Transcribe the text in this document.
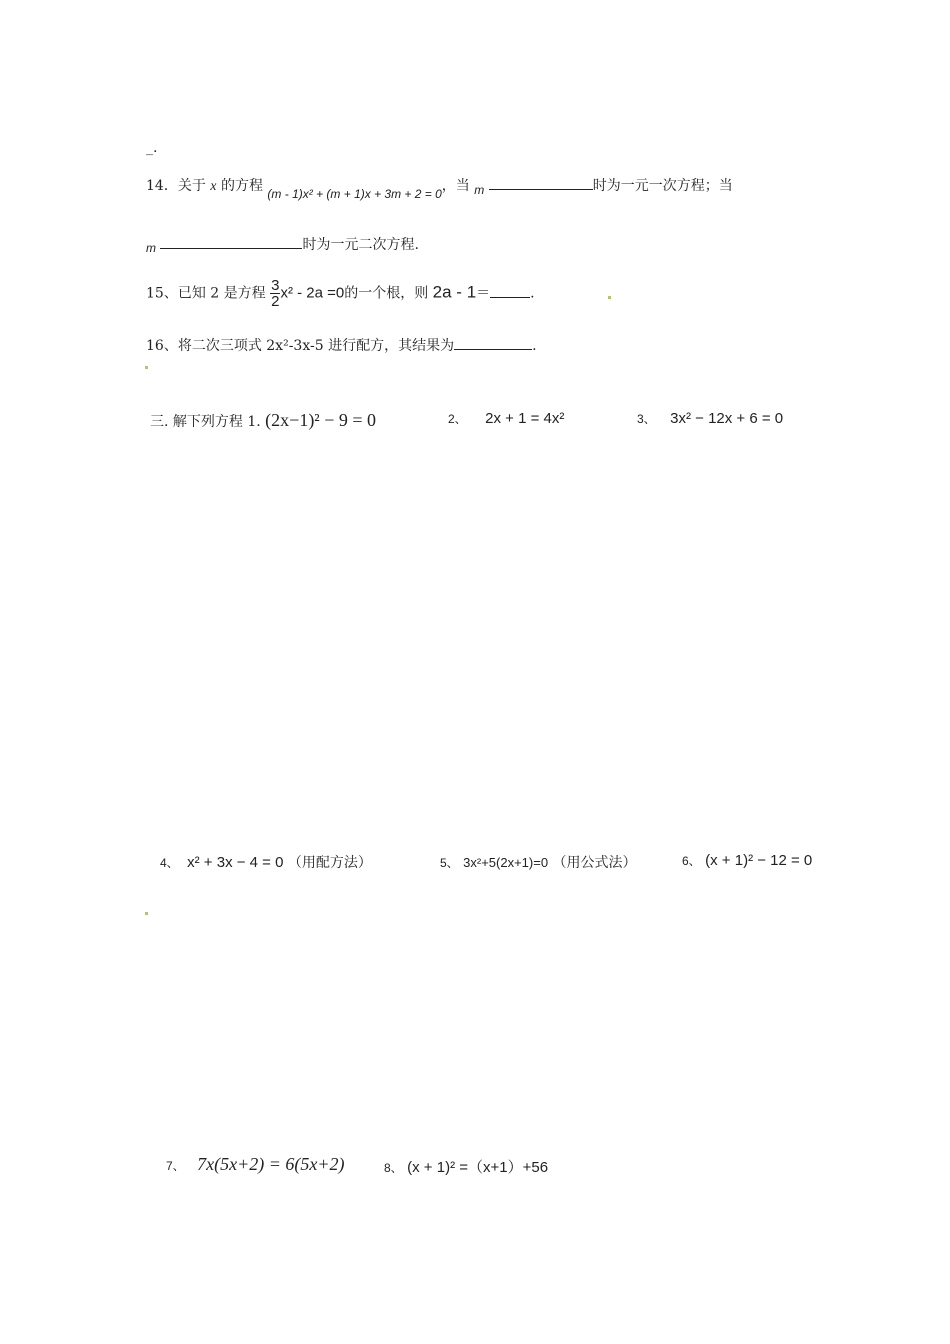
_.
14．关于 x 的方程 (m - 1)x² + (m + 1)x + 3m + 2 = 0，当 m	时为一元一次方程；当
m	时为一元二次方程.
15、已知 2 是方程 $\frac{3}{2} x^2 - 2a =0$的一个根，则 2a - 1＝	.
16、将二次三项式 2x²-3x-5 进行配方，其结果为	.
三. 解下列方程 1. (2x−1)² − 9 = 0	2、 2x + 1 = 4x²	3、 3x² − 12x + 6 = 0
4、 x² + 3x − 4 = 0 （用配方法）	5、 3x²+5(2x+1)=0 （用公式法）	6、 (x + 1)² − 12 = 0
7、 7x(5x+2) = 6(5x+2)	8、 (x + 1)² =（x+1）+56
